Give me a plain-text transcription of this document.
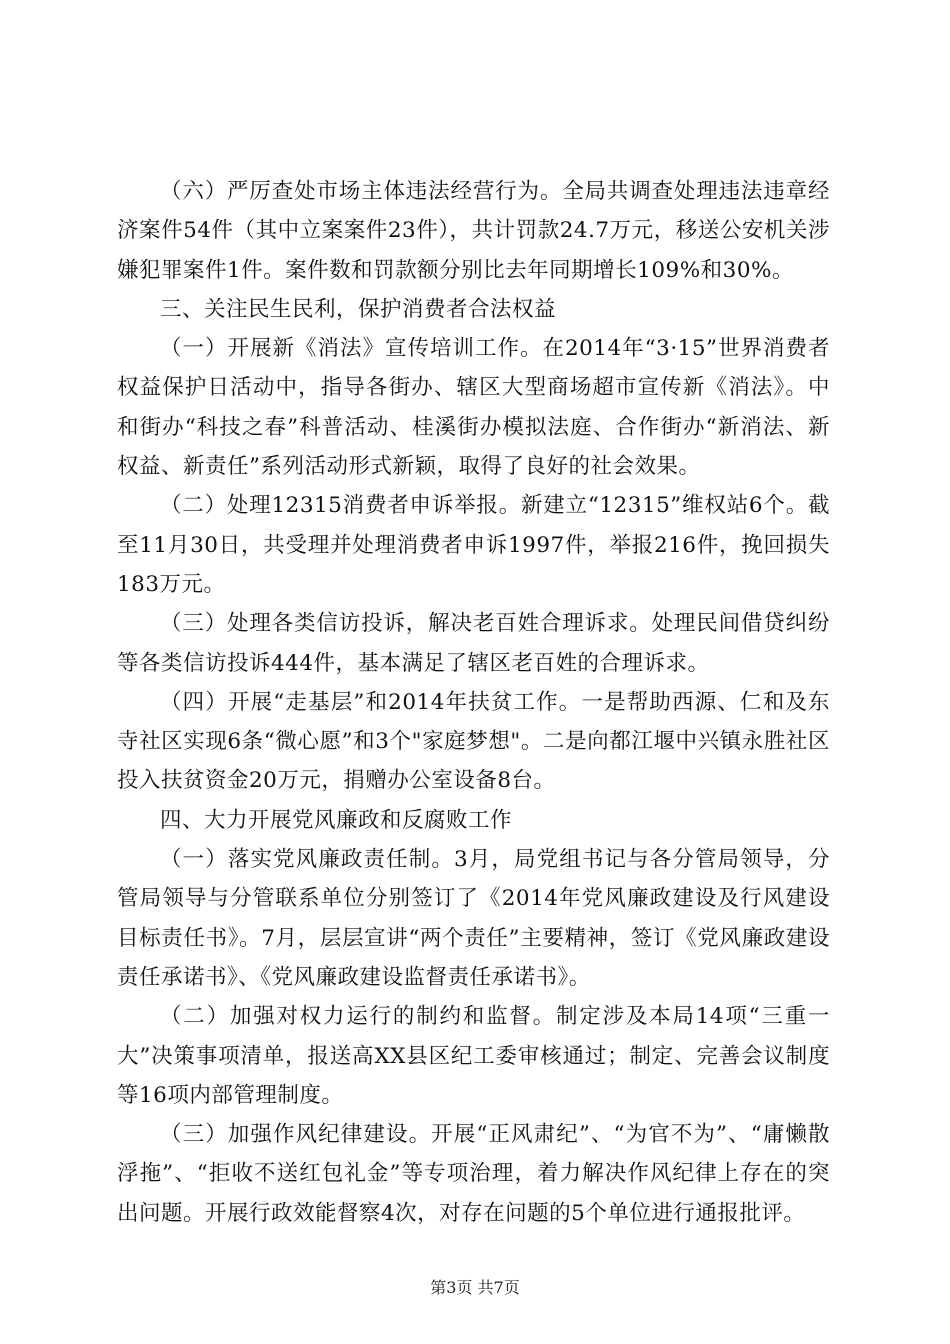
（六）严厉查处市场主体违法经营行为。全局共调查处理违法违章经济案件54件（其中立案案件23件），共计罚款24.7万元，移送公安机关涉嫌犯罪案件1件。案件数和罚款额分别比去年同期增长109%和30%。

三、关注民生民利，保护消费者合法权益

（一）开展新《消法》宣传培训工作。在2014年“3·15”世界消费者权益保护日活动中，指导各街办、辖区大型商场超市宣传新《消法》。中和街办“科技之春”科普活动、桂溪街办模拟法庭、合作街办“新消法、新权益、新责任”系列活动形式新颖，取得了良好的社会效果。

（二）处理12315消费者申诉举报。新建立“12315”维权站6个。截至11月30日，共受理并处理消费者申诉1997件，举报216件，挽回损失183万元。

（三）处理各类信访投诉，解决老百姓合理诉求。处理民间借贷纠纷等各类信访投诉444件，基本满足了辖区老百姓的合理诉求。

（四）开展“走基层”和2014年扶贫工作。一是帮助西源、仁和及东寺社区实现6条“微心愿”和3个"家庭梦想"。二是向都江堰中兴镇永胜社区投入扶贫资金20万元，捐赠办公室设备8台。

四、大力开展党风廉政和反腐败工作

（一）落实党风廉政责任制。3月，局党组书记与各分管局领导，分管局领导与分管联系单位分别签订了《2014年党风廉政建设及行风建设目标责任书》。7月，层层宣讲“两个责任”主要精神，签订《党风廉政建设责任承诺书》、《党风廉政建设监督责任承诺书》。

（二）加强对权力运行的制约和监督。制定涉及本局14项“三重一大”决策事项清单，报送高XX县区纪工委审核通过；制定、完善会议制度等16项内部管理制度。

（三）加强作风纪律建设。开展“正风肃纪”、“为官不为”、“庸懒散浮拖”、“拒收不送红包礼金”等专项治理，着力解决作风纪律上存在的突出问题。开展行政效能督察4次，对存在问题的5个单位进行通报批评。

第3页 共7页
